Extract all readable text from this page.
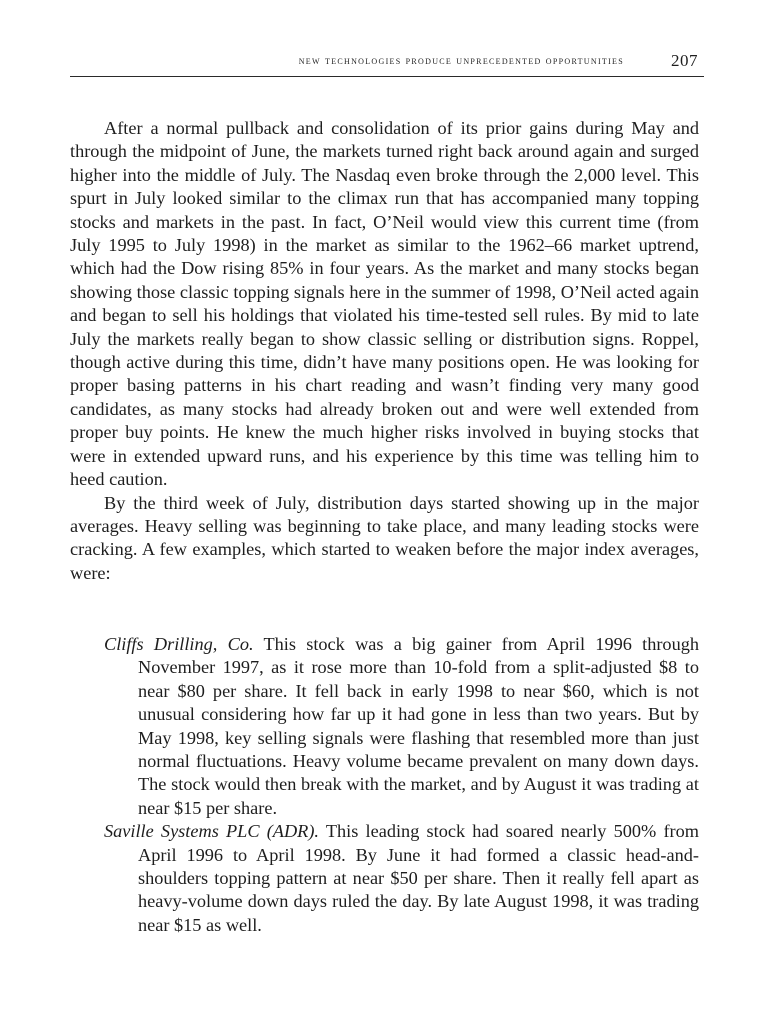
new technologies produce unprecedented opportunities	207

After a normal pullback and consolidation of its prior gains during May and through the midpoint of June, the markets turned right back around again and surged higher into the middle of July. The Nasdaq even broke through the 2,000 level. This spurt in July looked similar to the climax run that has accompanied many topping stocks and markets in the past. In fact, O’Neil would view this current time (from July 1995 to July 1998) in the market as similar to the 1962–66 market uptrend, which had the Dow rising 85% in four years. As the market and many stocks began showing those classic topping signals here in the summer of 1998, O’Neil acted again and began to sell his holdings that violated his time-tested sell rules. By mid to late July the markets really began to show classic selling or distribution signs. Roppel, though active during this time, didn’t have many positions open. He was looking for proper basing patterns in his chart reading and wasn’t finding very many good candidates, as many stocks had already broken out and were well extended from proper buy points. He knew the much higher risks involved in buying stocks that were in extended upward runs, and his experience by this time was telling him to heed caution.

By the third week of July, distribution days started showing up in the major averages. Heavy selling was beginning to take place, and many leading stocks were cracking. A few examples, which started to weaken before the major index averages, were:

Cliffs Drilling, Co. This stock was a big gainer from April 1996 through November 1997, as it rose more than 10-fold from a split-adjusted $8 to near $80 per share. It fell back in early 1998 to near $60, which is not unusual considering how far up it had gone in less than two years. But by May 1998, key selling signals were flashing that resembled more than just normal fluctuations. Heavy volume became prevalent on many down days. The stock would then break with the market, and by August it was trading at near $15 per share.

Saville Systems PLC (ADR). This leading stock had soared nearly 500% from April 1996 to April 1998. By June it had formed a classic head-and-shoulders topping pattern at near $50 per share. Then it really fell apart as heavy-volume down days ruled the day. By late August 1998, it was trading near $15 as well.
